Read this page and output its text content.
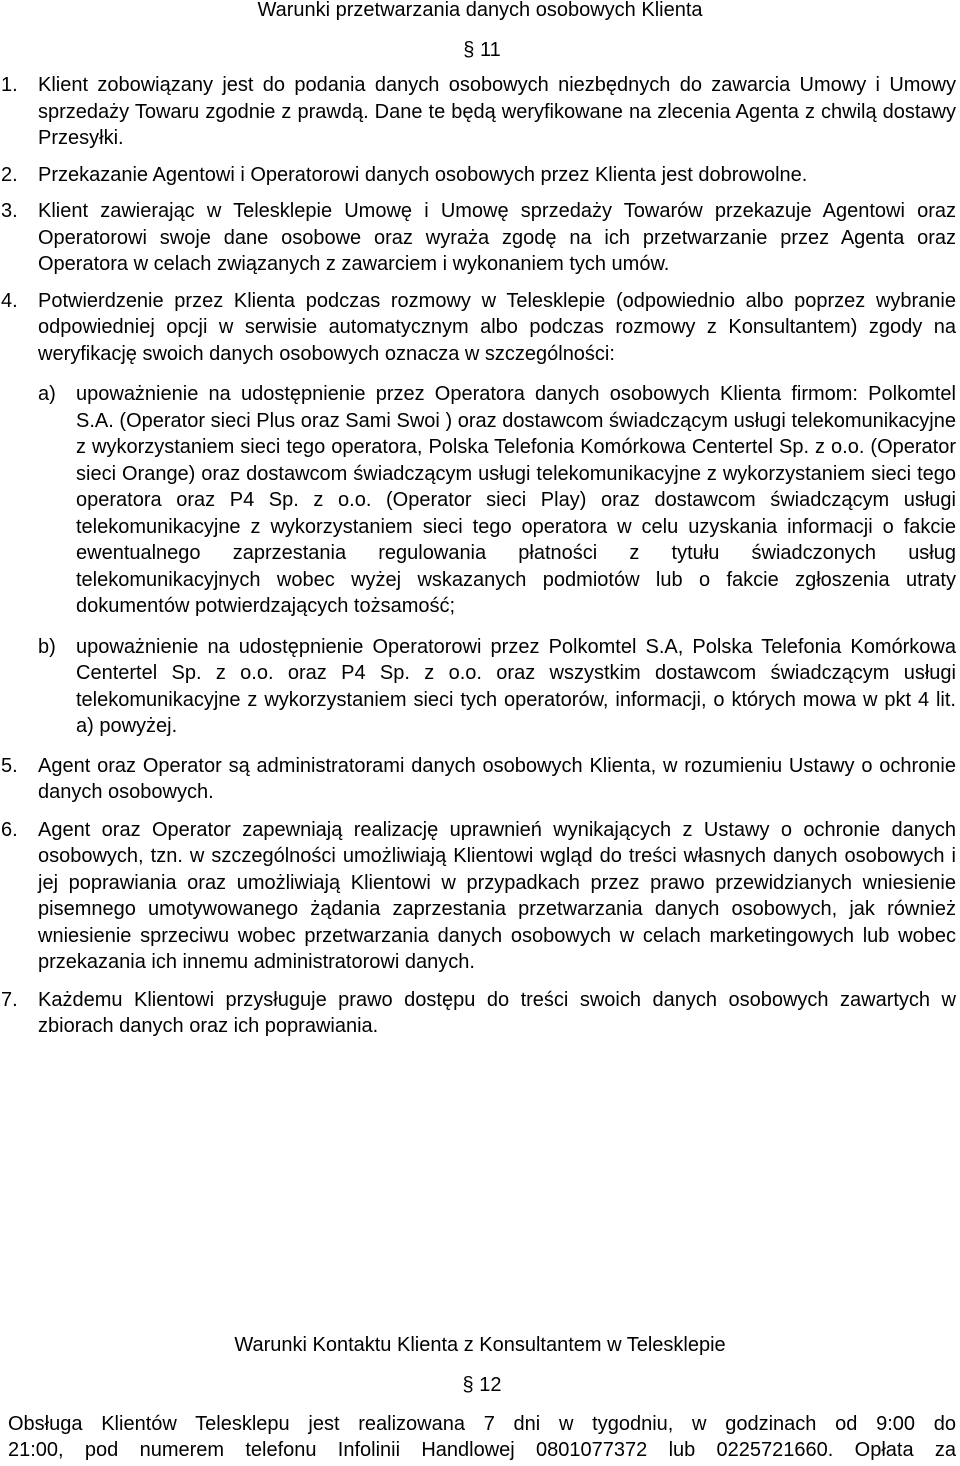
Warunki przetwarzania danych osobowych Klienta
§ 11
1. Klient zobowiązany jest do podania danych osobowych niezbędnych do zawarcia Umowy i Umowy sprzedaży Towaru zgodnie z prawdą. Dane te będą weryfikowane na zlecenia Agenta z chwilą dostawy Przesyłki.
2. Przekazanie Agentowi i Operatorowi danych osobowych przez Klienta jest dobrowolne.
3. Klient zawierając w Telesklepie Umowę i Umowę sprzedaży Towarów przekazuje Agentowi oraz Operatorowi swoje dane osobowe oraz wyraża zgodę na ich przetwarzanie przez Agenta oraz Operatora w celach związanych z zawarciem i wykonaniem tych umów.
4. Potwierdzenie przez Klienta podczas rozmowy w Telesklepie (odpowiednio albo poprzez wybranie odpowiedniej opcji w serwisie automatycznym albo podczas rozmowy z Konsultantem) zgody na weryfikację swoich danych osobowych oznacza w szczególności:
a) upoważnienie na udostępnienie przez Operatora danych osobowych Klienta firmom: Polkomtel S.A. (Operator sieci Plus oraz Sami Swoi ) oraz dostawcom świadczącym usługi telekomunikacyjne z wykorzystaniem sieci tego operatora, Polska Telefonia Komórkowa Centertel Sp. z o.o. (Operator sieci Orange) oraz dostawcom świadczącym usługi telekomunikacyjne z wykorzystaniem sieci tego operatora oraz P4 Sp. z o.o. (Operator sieci Play) oraz dostawcom świadczącym usługi telekomunikacyjne z wykorzystaniem sieci tego operatora w celu uzyskania informacji o fakcie ewentualnego zaprzestania regulowania płatności z tytułu świadczonych usług telekomunikacyjnych wobec wyżej wskazanych podmiotów lub o fakcie zgłoszenia utraty dokumentów potwierdzających tożsamość;
b) upoważnienie na udostępnienie Operatorowi przez Polkomtel S.A, Polska Telefonia Komórkowa Centertel Sp. z o.o. oraz P4 Sp. z o.o. oraz wszystkim dostawcom świadczącym usługi telekomunikacyjne z wykorzystaniem sieci tych operatorów, informacji, o których mowa w pkt 4 lit. a) powyżej.
5. Agent oraz Operator są administratorami danych osobowych Klienta, w rozumieniu Ustawy o ochronie danych osobowych.
6. Agent oraz Operator zapewniają realizację uprawnień wynikających z Ustawy o ochronie danych osobowych, tzn. w szczególności umożliwiają Klientowi wgląd do treści własnych danych osobowych i jej poprawiania oraz umożliwiają Klientowi w przypadkach przez prawo przewidzianych wniesienie pisemnego umotywowanego żądania zaprzestania przetwarzania danych osobowych, jak również wniesienie sprzeciwu wobec przetwarzania danych osobowych w celach marketingowych lub wobec przekazania ich innemu administratorowi danych.
7. Każdemu Klientowi przysługuje prawo dostępu do treści swoich danych osobowych zawartych w zbiorach danych oraz ich poprawiania.
Warunki Kontaktu Klienta z Konsultantem w Telesklepie
§ 12
Obsługa Klientów Telesklepu jest realizowana 7 dni w tygodniu, w godzinach od 9:00 do
21:00, pod numerem telefonu Infolinii Handlowej 0801077372 lub 0225721660. Opłata za
